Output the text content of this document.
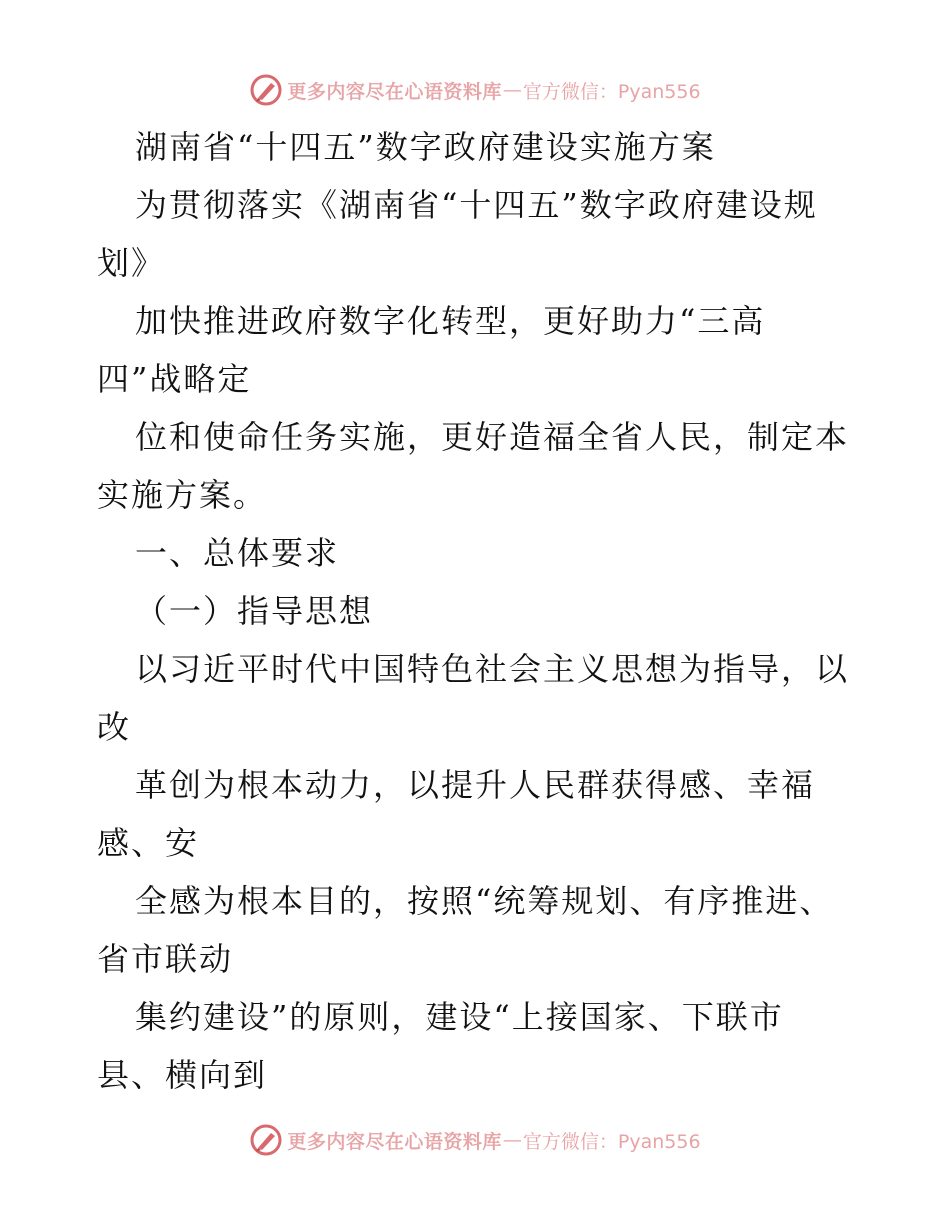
更多内容尽在心语资料库 — 官方微信：Pyan556
湖南省“十四五”数字政府建设实施方案
为贯彻落实《湖南省“十四五”数字政府建设规
划》
加快推进政府数字化转型，更好助力“三高
四”战略定
位和使命任务实施，更好造福全省人民，制定本
实施方案。
一、总体要求
（一）指导思想
以习近平时代中国特色社会主义思想为指导，以
改
革创为根本动力，以提升人民群获得感、幸福
感、安
全感为根本目的，按照“统筹规划、有序推进、
省市联动
集约建设”的原则，建设“上接国家、下联市
县、横向到
更多内容尽在心语资料库 — 官方微信：Pyan556
